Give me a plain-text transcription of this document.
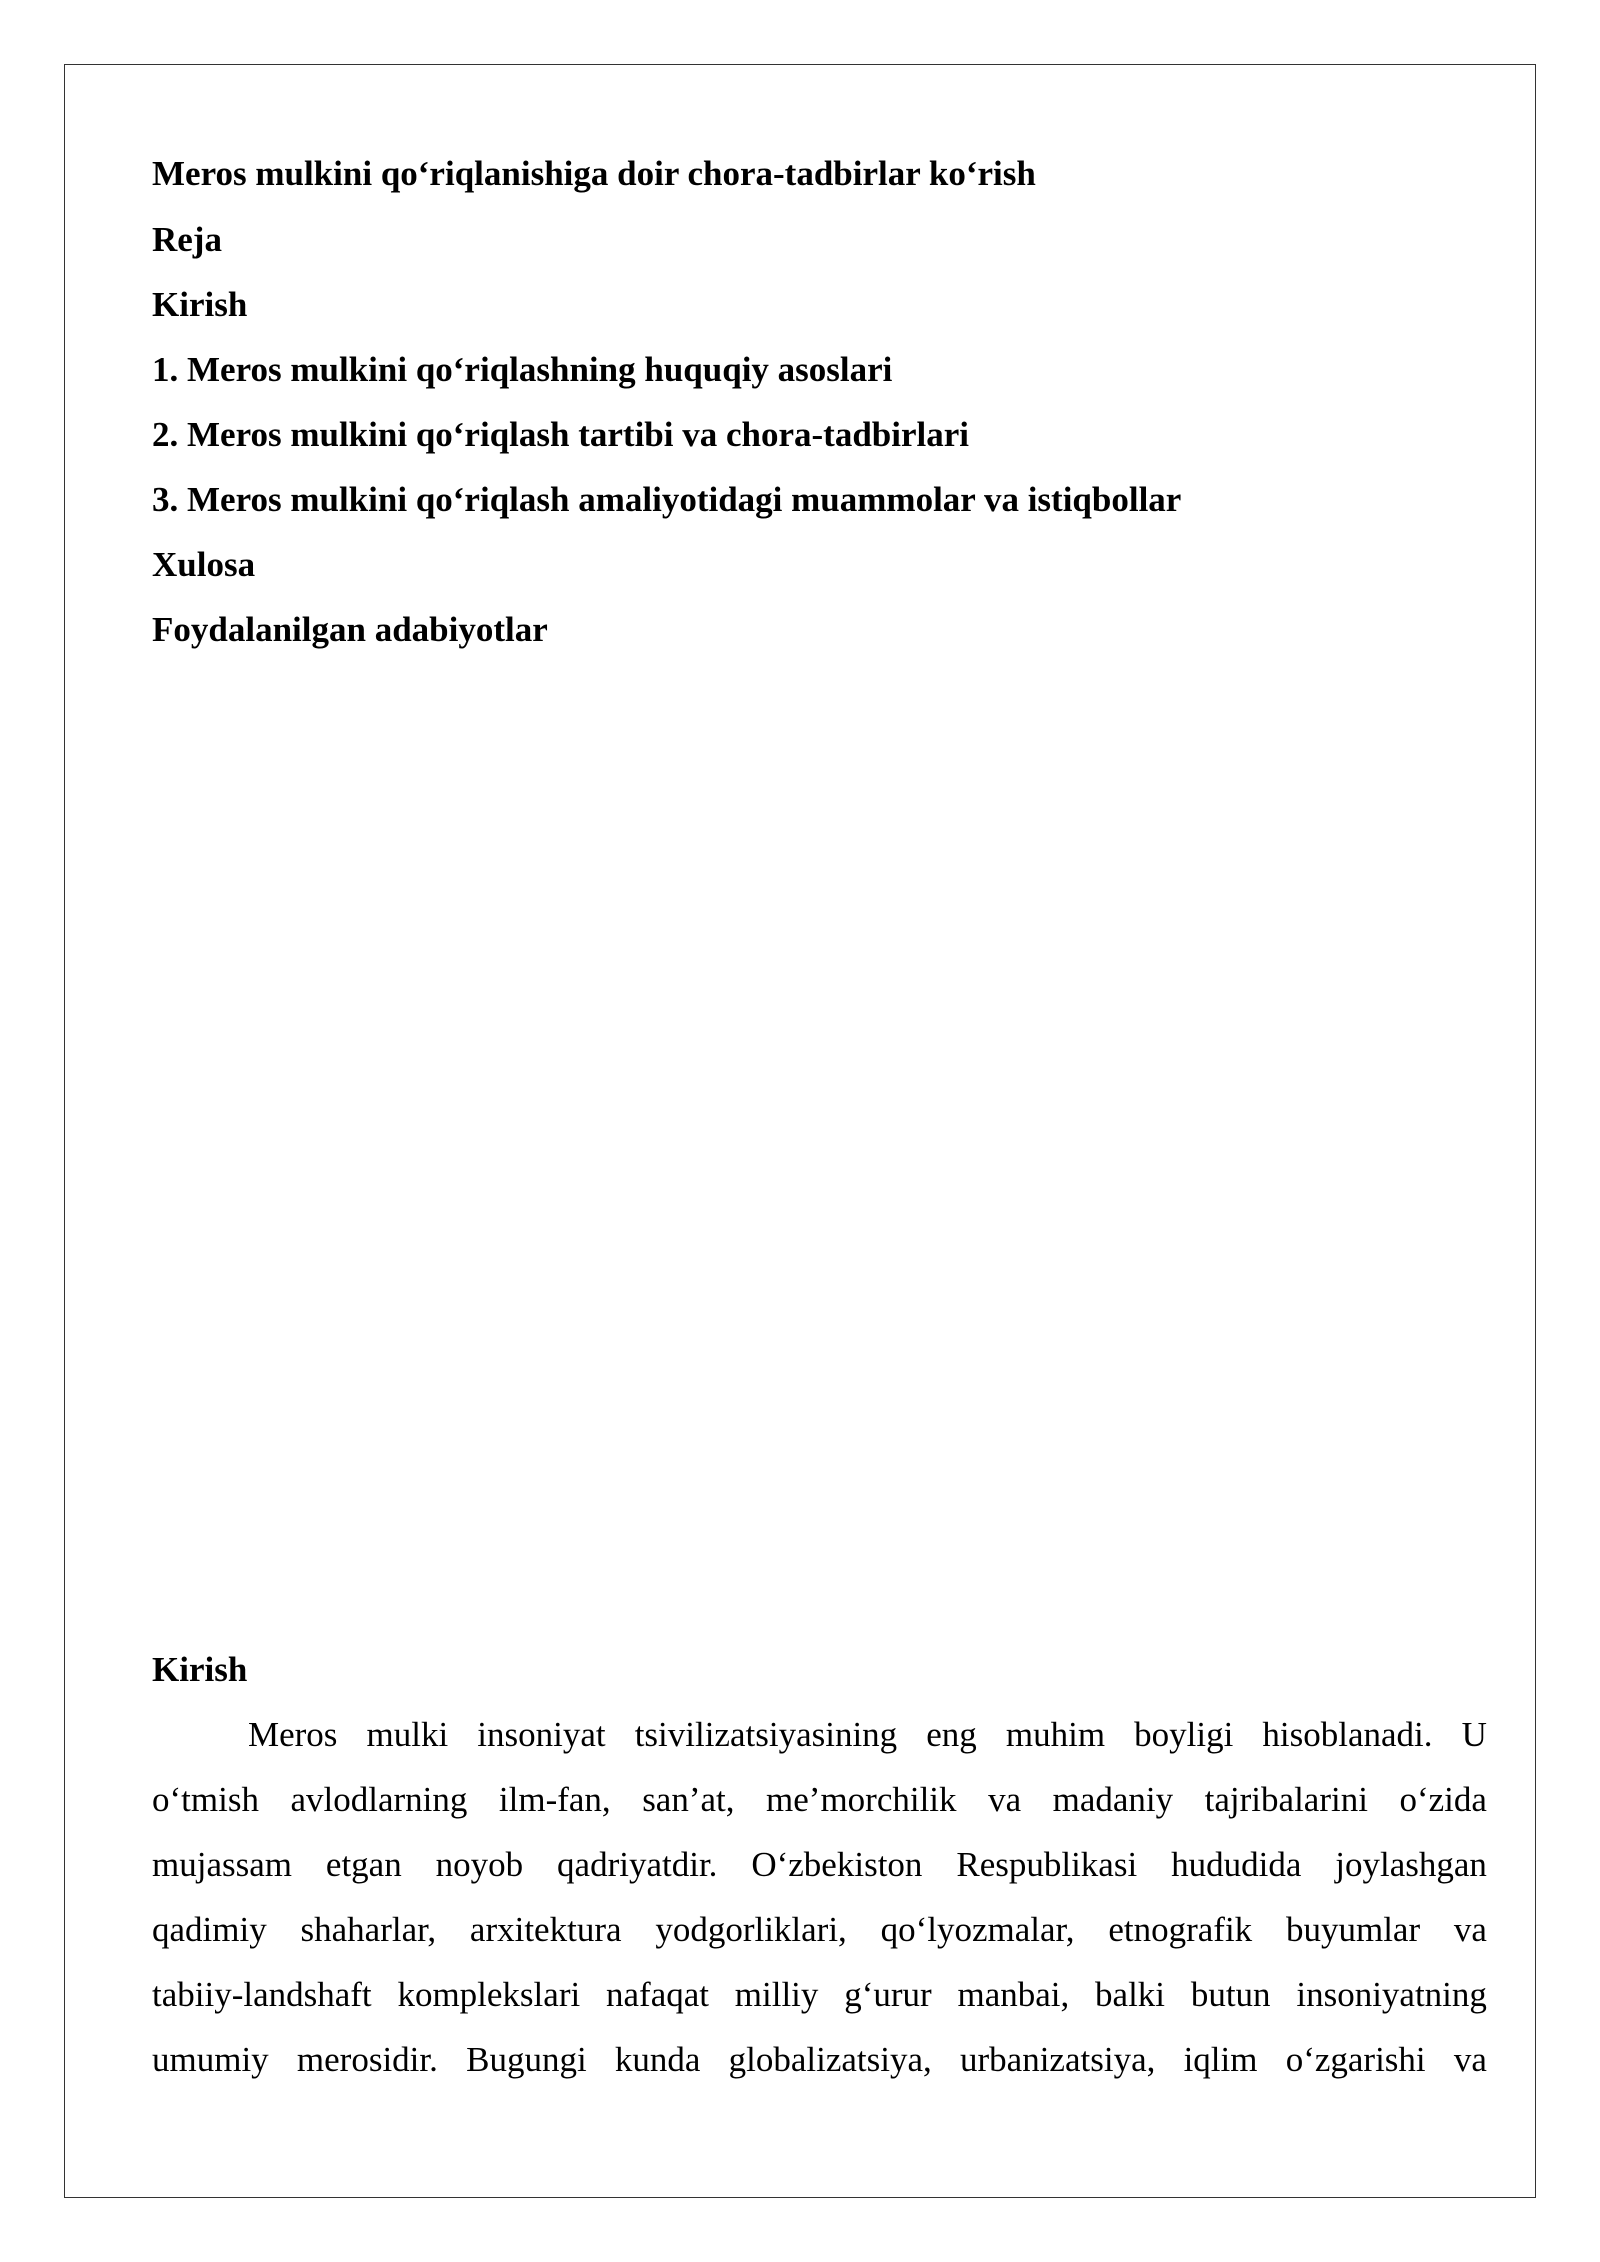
Meros mulkini qo‘riqlanishiga doir chora-tadbirlar ko‘rish
Reja
Kirish
1. Meros mulkini qo‘riqlashning huquqiy asoslari
2. Meros mulkini qo‘riqlash tartibi va chora-tadbirlari
3. Meros mulkini qo‘riqlash amaliyotidagi muammolar va istiqbollar
Xulosa
Foydalanilgan adabiyotlar
Kirish
Meros mulki insoniyat tsivilizatsiyasining eng muhim boyligi hisoblanadi. U
o‘tmish avlodlarning ilm-fan, san’at, me’morchilik va madaniy tajribalarini o‘zida
mujassam etgan noyob qadriyatdir. O‘zbekiston Respublikasi hududida joylashgan
qadimiy shaharlar, arxitektura yodgorliklari, qo‘lyozmalar, etnografik buyumlar va
tabiiy-landshaft komplekslari nafaqat milliy g‘urur manbai, balki butun insoniyatning
umumiy merosidir. Bugungi kunda globalizatsiya, urbanizatsiya, iqlim o‘zgarishi va
